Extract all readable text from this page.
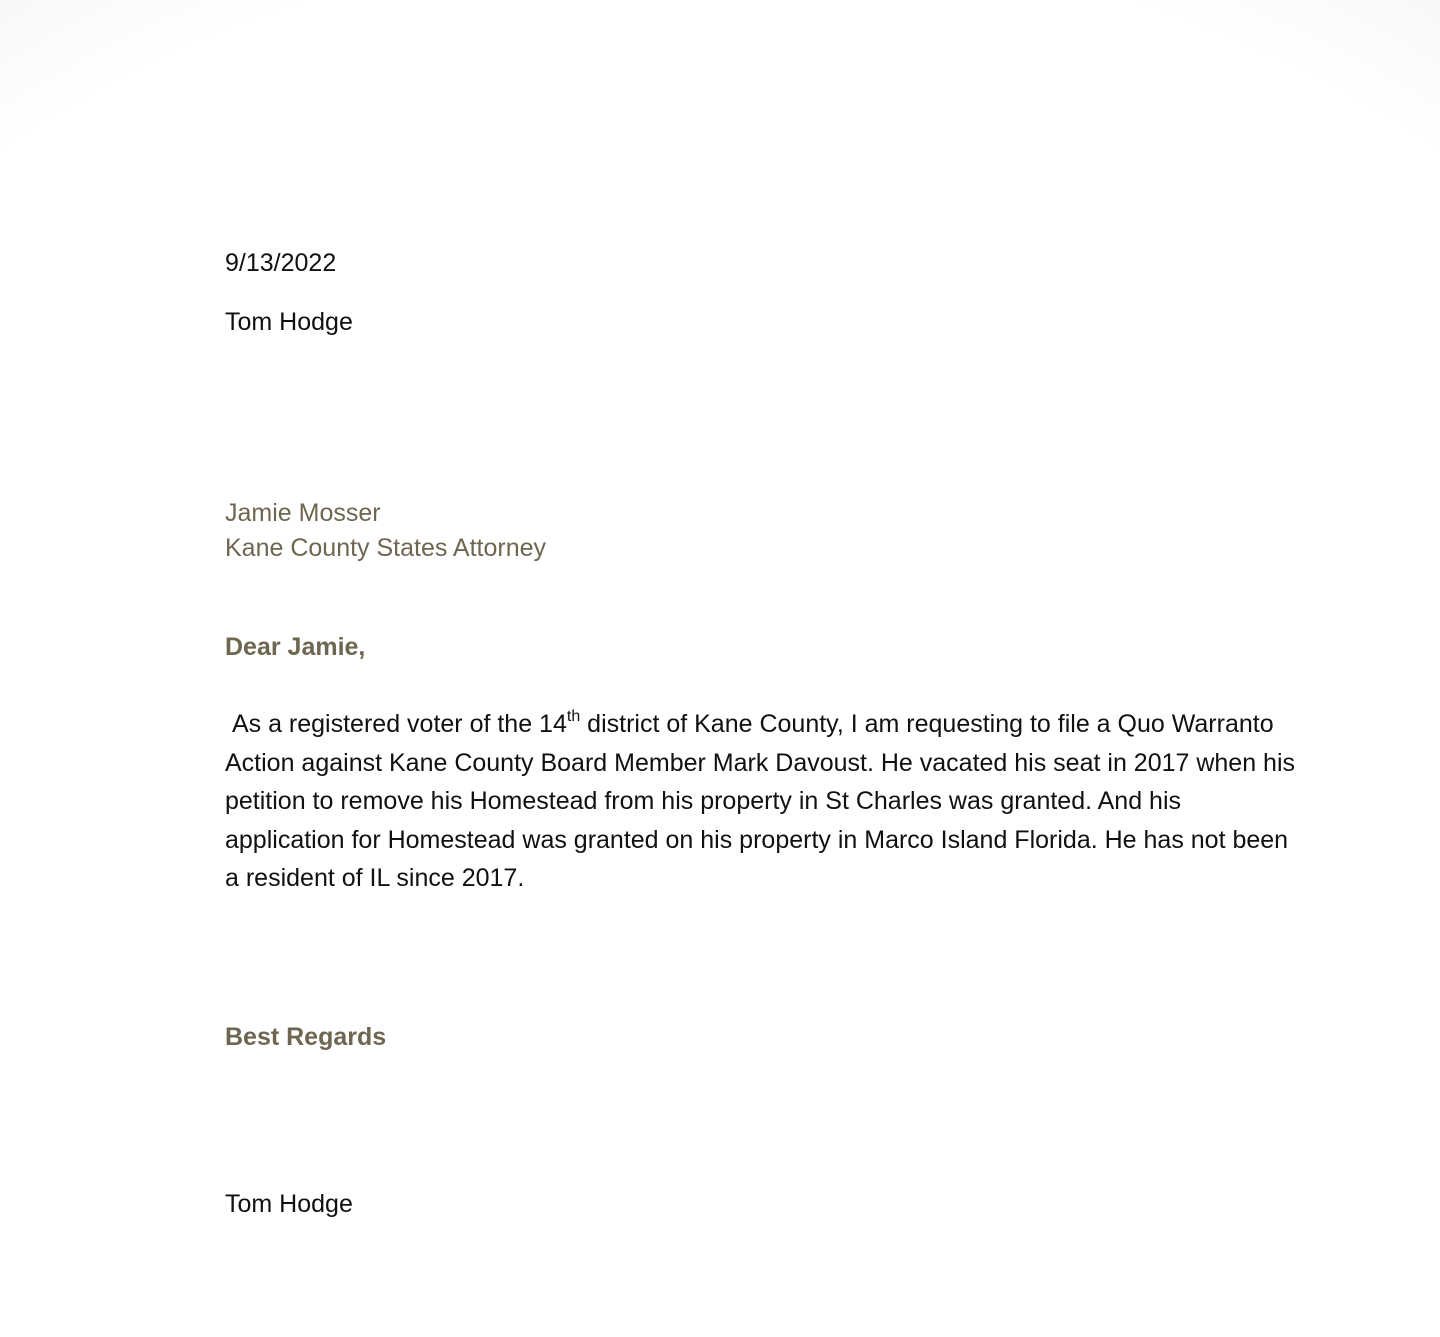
9/13/2022

Tom Hodge

Jamie Mosser

Kane County States Attorney

Dear Jamie,

As a registered voter of the 14th district of Kane County, I am requesting to file a Quo Warranto
Action against Kane County Board Member Mark Davoust. He vacated his seat in 2017 when his
petition to remove his Homestead from his property in St Charles was granted. And his
application for Homestead was granted on his property in Marco Island Florida. He has not been
a resident of IL since 2017.

Best Regards

Tom Hodge
